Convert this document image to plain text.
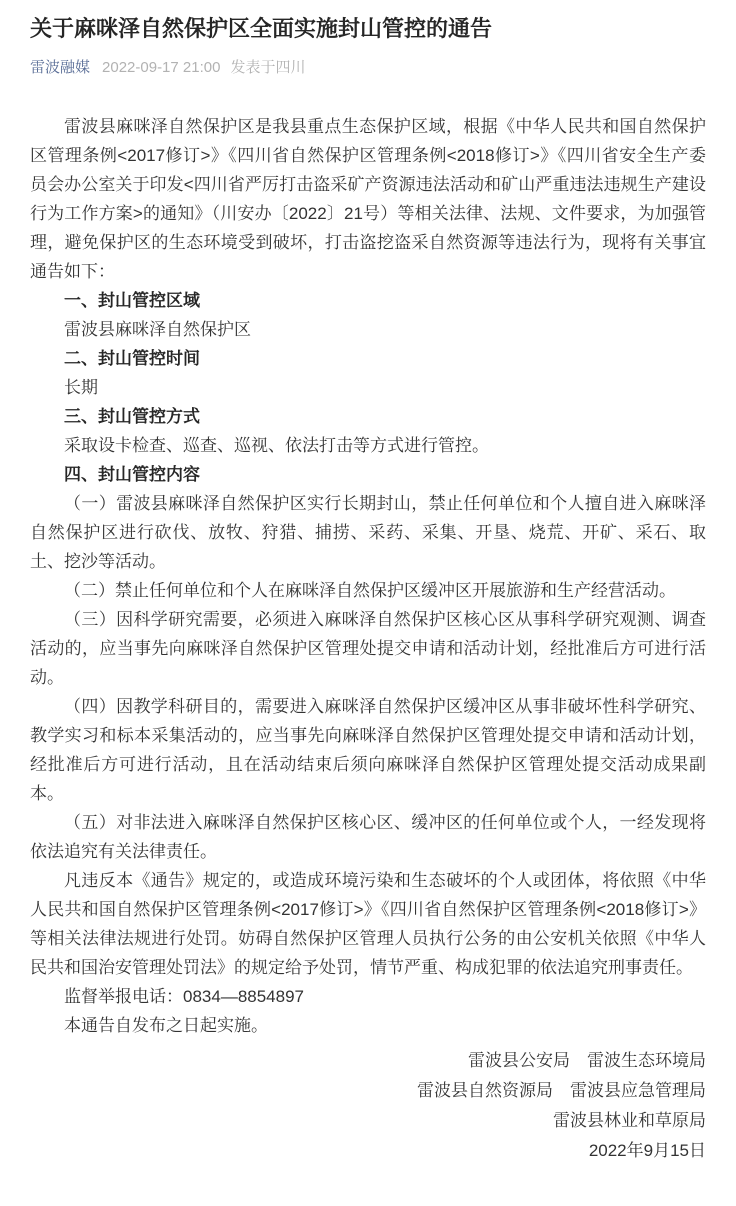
关于麻咪泽自然保护区全面实施封山管控的通告
雷波融媒 2022-09-17 21:00 发表于四川

雷波县麻咪泽自然保护区是我县重点生态保护区域，根据《中华人民共和国自然保护区管理条例<2017修订>》《四川省自然保护区管理条例<2018修订>》《四川省安全生产委员会办公室关于印发<四川省严厉打击盗采矿产资源违法活动和矿山严重违法违规生产建设行为工作方案>的通知》（川安办〔2022〕21号）等相关法律、法规、文件要求，为加强管理，避免保护区的生态环境受到破坏，打击盗挖盗采自然资源等违法行为，现将有关事宜通告如下：

一、封山管控区域

雷波县麻咪泽自然保护区

二、封山管控时间

长期

三、封山管控方式

采取设卡检查、巡查、巡视、依法打击等方式进行管控。

四、封山管控内容

（一）雷波县麻咪泽自然保护区实行长期封山，禁止任何单位和个人擅自进入麻咪泽自然保护区进行砍伐、放牧、狩猎、捕捞、采药、采集、开垦、烧荒、开矿、采石、取土、挖沙等活动。

（二）禁止任何单位和个人在麻咪泽自然保护区缓冲区开展旅游和生产经营活动。

（三）因科学研究需要，必须进入麻咪泽自然保护区核心区从事科学研究观测、调查活动的，应当事先向麻咪泽自然保护区管理处提交申请和活动计划，经批准后方可进行活动。

（四）因教学科研目的，需要进入麻咪泽自然保护区缓冲区从事非破坏性科学研究、教学实习和标本采集活动的，应当事先向麻咪泽自然保护区管理处提交申请和活动计划，经批准后方可进行活动，且在活动结束后须向麻咪泽自然保护区管理处提交活动成果副本。

（五）对非法进入麻咪泽自然保护区核心区、缓冲区的任何单位或个人，一经发现将依法追究有关法律责任。

凡违反本《通告》规定的，或造成环境污染和生态破坏的个人或团体，将依照《中华人民共和国自然保护区管理条例<2017修订>》《四川省自然保护区管理条例<2018修订>》等相关法律法规进行处罚。妨碍自然保护区管理人员执行公务的由公安机关依照《中华人民共和国治安管理处罚法》的规定给予处罚，情节严重、构成犯罪的依法追究刑事责任。

监督举报电话：0834—8854897

本通告自发布之日起实施。

雷波县公安局　雷波生态环境局

雷波县自然资源局　雷波县应急管理局

雷波县林业和草原局

2022年9月15日
